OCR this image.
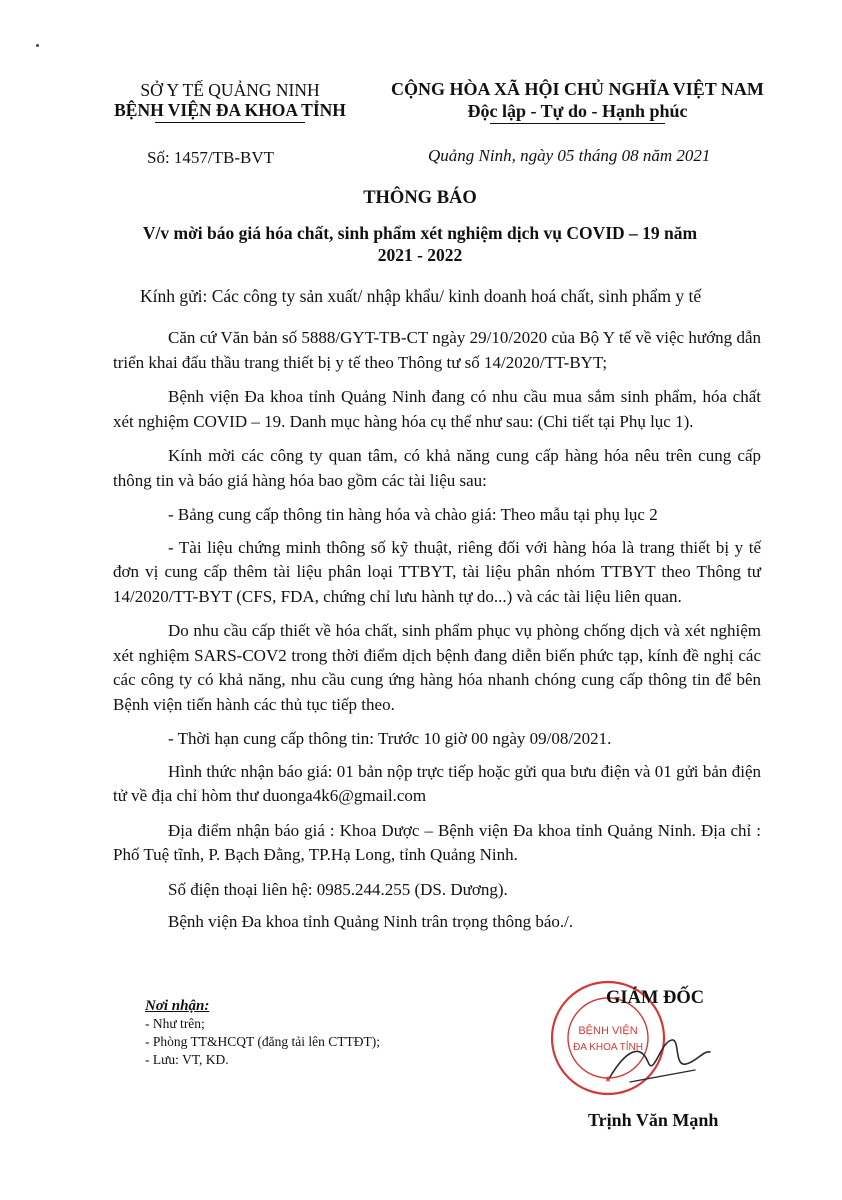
SỞ Y TẾ QUẢNG NINH
BỆNH VIỆN ĐA KHOA TỈNH
CỘNG HÒA XÃ HỘI CHỦ NGHĨA VIỆT NAM
Độc lập - Tự do - Hạnh phúc
Số: 1457/TB-BVT	Quảng Ninh, ngày 05 tháng 08 năm 2021
THÔNG BÁO
V/v mời báo giá hóa chất, sinh phẩm xét nghiệm dịch vụ COVID – 19 năm
2021 - 2022
Kính gửi: Các công ty sản xuất/ nhập khẩu/ kinh doanh hoá chất, sinh phẩm y tế

Căn cứ Văn bản số 5888/GYT-TB-CT ngày 29/10/2020 của Bộ Y tế về việc hướng dẫn triển khai đấu thầu trang thiết bị y tế theo Thông tư số 14/2020/TT-BYT;

Bệnh viện Đa khoa tỉnh Quảng Ninh đang có nhu cầu mua sắm sinh phẩm, hóa chất xét nghiệm COVID – 19. Danh mục hàng hóa cụ thể như sau: (Chi tiết tại Phụ lục 1).

Kính mời các công ty quan tâm, có khả năng cung cấp hàng hóa nêu trên cung cấp thông tin và báo giá hàng hóa bao gồm các tài liệu sau:

- Bảng cung cấp thông tin hàng hóa và chào giá: Theo mẫu tại phụ lục 2

- Tài liệu chứng minh thông số kỹ thuật, riêng đối với hàng hóa là trang thiết bị y tế đơn vị cung cấp thêm tài liệu phân loại TTBYT, tài liệu phân nhóm TTBYT theo Thông tư 14/2020/TT-BYT (CFS, FDA, chứng chỉ lưu hành tự do...) và các tài liệu liên quan.

Do nhu cầu cấp thiết về hóa chất, sinh phẩm phục vụ phòng chống dịch và xét nghiệm xét nghiệm SARS-COV2 trong thời điểm dịch bệnh đang diễn biến phức tạp, kính đề nghị các các công ty có khả năng, nhu cầu cung ứng hàng hóa nhanh chóng cung cấp thông tin để bên Bệnh viện tiến hành các thủ tục tiếp theo.

- Thời hạn cung cấp thông tin: Trước 10 giờ 00 ngày 09/08/2021.

Hình thức nhận báo giá: 01 bản nộp trực tiếp hoặc gửi qua bưu điện và 01 gửi bản điện tử về địa chỉ hòm thư duonga4k6@gmail.com

Địa điểm nhận báo giá : Khoa Dược – Bệnh viện Đa khoa tỉnh Quảng Ninh. Địa chỉ : Phố Tuệ tĩnh, P. Bạch Đằng, TP.Hạ Long, tỉnh Quảng Ninh.

Số điện thoại liên hệ: 0985.244.255 (DS. Dương).

Bệnh viện Đa khoa tỉnh Quảng Ninh trân trọng thông báo./.

Nơi nhận:
- Như trên;
- Phòng TT&HCQT (đăng tải lên CTTĐT);
- Lưu: VT, KD.
BỆNH VIỆN
ĐA KHOA TỈNH
★
GIÁM ĐỐC
Trịnh Văn Mạnh
